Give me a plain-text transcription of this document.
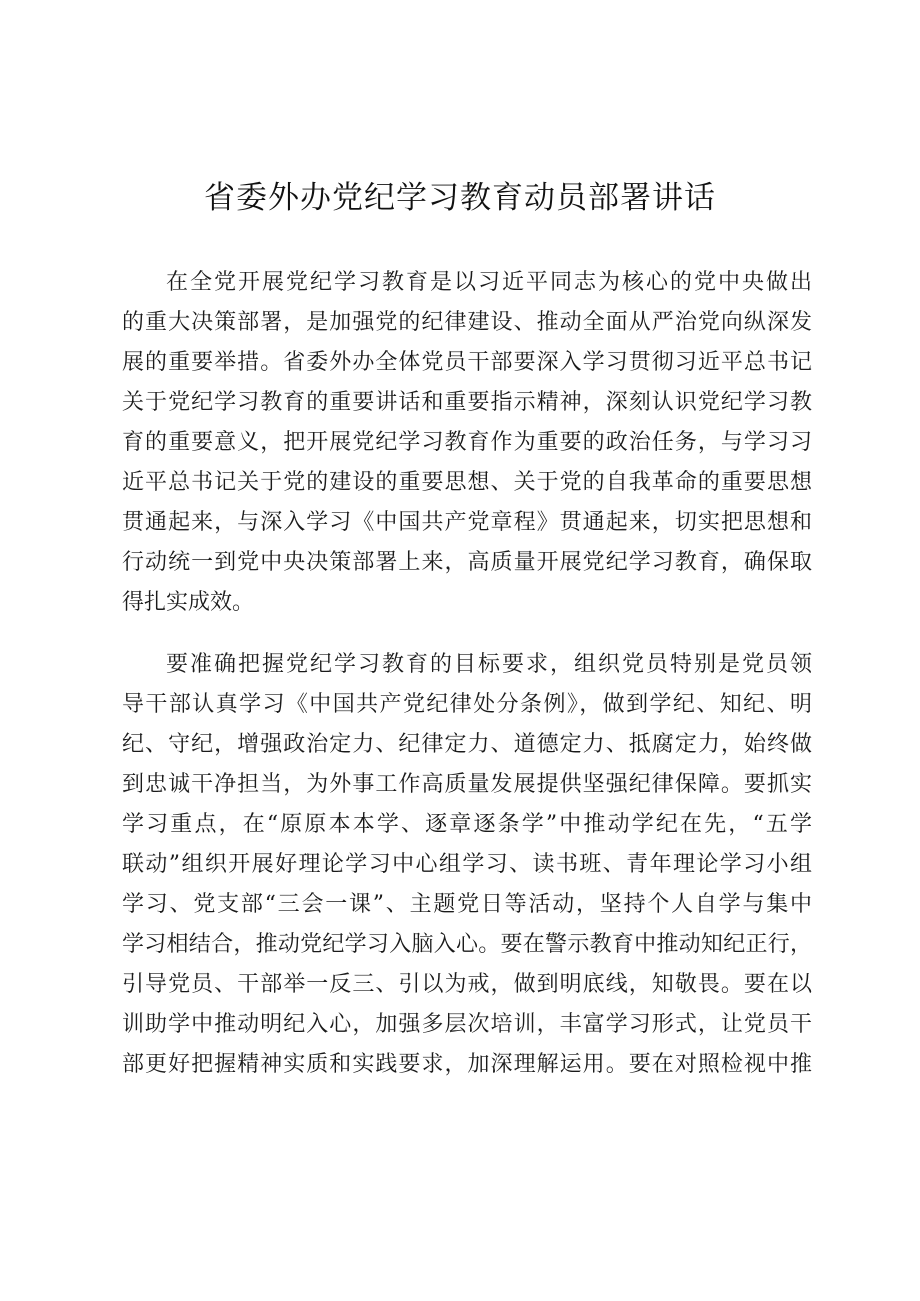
省委外办党纪学习教育动员部署讲话
在全党开展党纪学习教育是以习近平同志为核心的党中央做出
的重大决策部署，是加强党的纪律建设、推动全面从严治党向纵深发
展的重要举措。省委外办全体党员干部要深入学习贯彻习近平总书记
关于党纪学习教育的重要讲话和重要指示精神，深刻认识党纪学习教
育的重要意义，把开展党纪学习教育作为重要的政治任务，与学习习
近平总书记关于党的建设的重要思想、关于党的自我革命的重要思想
贯通起来，与深入学习《中国共产党章程》贯通起来，切实把思想和
行动统一到党中央决策部署上来，高质量开展党纪学习教育，确保取
得扎实成效。
要准确把握党纪学习教育的目标要求，组织党员特别是党员领
导干部认真学习《中国共产党纪律处分条例》，做到学纪、知纪、明
纪、守纪，增强政治定力、纪律定力、道德定力、抵腐定力，始终做
到忠诚干净担当，为外事工作高质量发展提供坚强纪律保障。要抓实
学习重点，在“原原本本学、逐章逐条学”中推动学纪在先，“五学
联动”组织开展好理论学习中心组学习、读书班、青年理论学习小组
学习、党支部“三会一课”、主题党日等活动，坚持个人自学与集中
学习相结合，推动党纪学习入脑入心。要在警示教育中推动知纪正行，
引导党员、干部举一反三、引以为戒，做到明底线，知敬畏。要在以
训助学中推动明纪入心，加强多层次培训，丰富学习形式，让党员干
部更好把握精神实质和实践要求，加深理解运用。要在对照检视中推
